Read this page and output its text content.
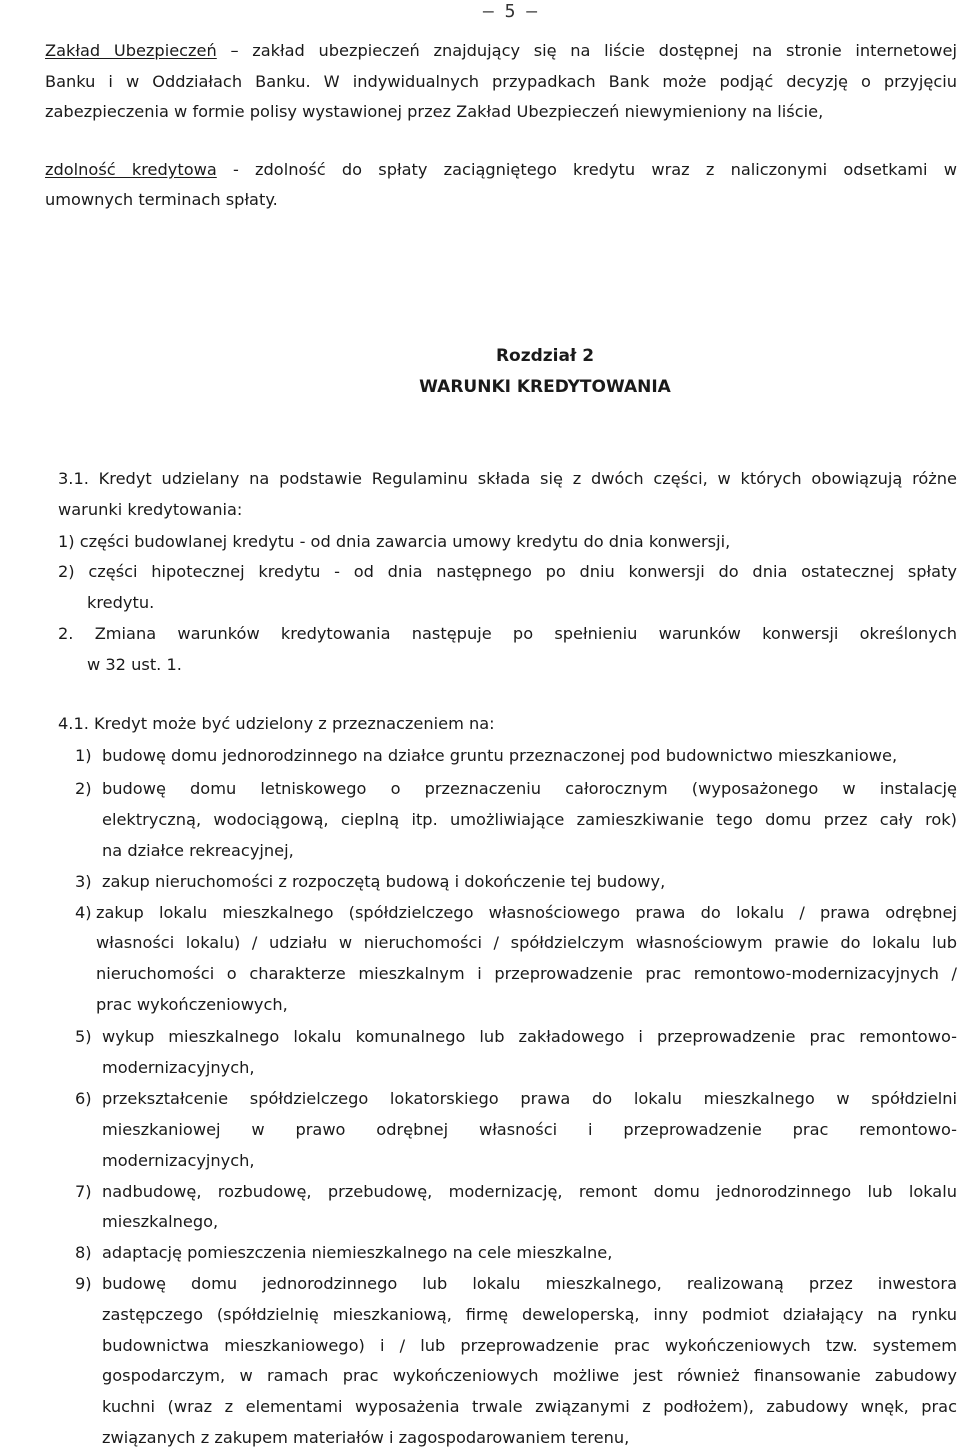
– 5 –
Zakład Ubezpieczeń – zakład ubezpieczeń znajdujący się na liście dostępnej na stronie internetowej
Banku i w Oddziałach Banku. W indywidualnych przypadkach Bank może podjąć decyzję o przyjęciu
zabezpieczenia w formie polisy wystawionej przez Zakład Ubezpieczeń niewymieniony na liście,
zdolność kredytowa - zdolność do spłaty zaciągniętego kredytu wraz z naliczonymi odsetkami w
umownych terminach spłaty.
Rozdział 2
WARUNKI KREDYTOWANIA
3.1. Kredyt udzielany na podstawie Regulaminu składa się z dwóch części, w których obowiązują różne
warunki kredytowania:
1) części budowlanej kredytu - od dnia zawarcia umowy kredytu do dnia konwersji,
2) części hipotecznej kredytu - od dnia następnego po dniu konwersji do dnia ostatecznej spłaty
kredytu.
2. Zmiana warunków kredytowania następuje po spełnieniu warunków konwersji określonych
w 32 ust. 1.
4.1. Kredyt może być udzielony z przeznaczeniem na:
1) budowę domu jednorodzinnego na działce gruntu przeznaczonej pod budownictwo mieszkaniowe,
2) budowę domu letniskowego o przeznaczeniu całorocznym (wyposażonego w instalację
elektryczną, wodociągową, cieplną itp. umożliwiające zamieszkiwanie tego domu przez cały rok)
na działce rekreacyjnej,
3) zakup nieruchomości z rozpoczętą budową i dokończenie tej budowy,
4) zakup lokalu mieszkalnego (spółdzielczego własnościowego prawa do lokalu / prawa odrębnej
własności lokalu) / udziału w nieruchomości / spółdzielczym własnościowym prawie do lokalu lub
nieruchomości o charakterze mieszkalnym i przeprowadzenie prac remontowo-modernizacyjnych /
prac wykończeniowych,
5) wykup mieszkalnego lokalu komunalnego lub zakładowego i przeprowadzenie prac remontowo-
modernizacyjnych,
6) przekształcenie spółdzielczego lokatorskiego prawa do lokalu mieszkalnego w spółdzielni
mieszkaniowej w prawo odrębnej własności i przeprowadzenie prac remontowo-
modernizacyjnych,
7) nadbudowę, rozbudowę, przebudowę, modernizację, remont domu jednorodzinnego lub lokalu
mieszkalnego,
8) adaptację pomieszczenia niemieszkalnego na cele mieszkalne,
9) budowę domu jednorodzinnego lub lokalu mieszkalnego, realizowaną przez inwestora
zastępczego (spółdzielnię mieszkaniową, firmę deweloperską, inny podmiot działający na rynku
budownictwa mieszkaniowego) i / lub przeprowadzenie prac wykończeniowych tzw. systemem
gospodarczym, w ramach prac wykończeniowych możliwe jest również finansowanie zabudowy
kuchni (wraz z elementami wyposażenia trwale związanymi z podłożem), zabudowy wnęk, prac
związanych z zakupem materiałów i zagospodarowaniem terenu,
